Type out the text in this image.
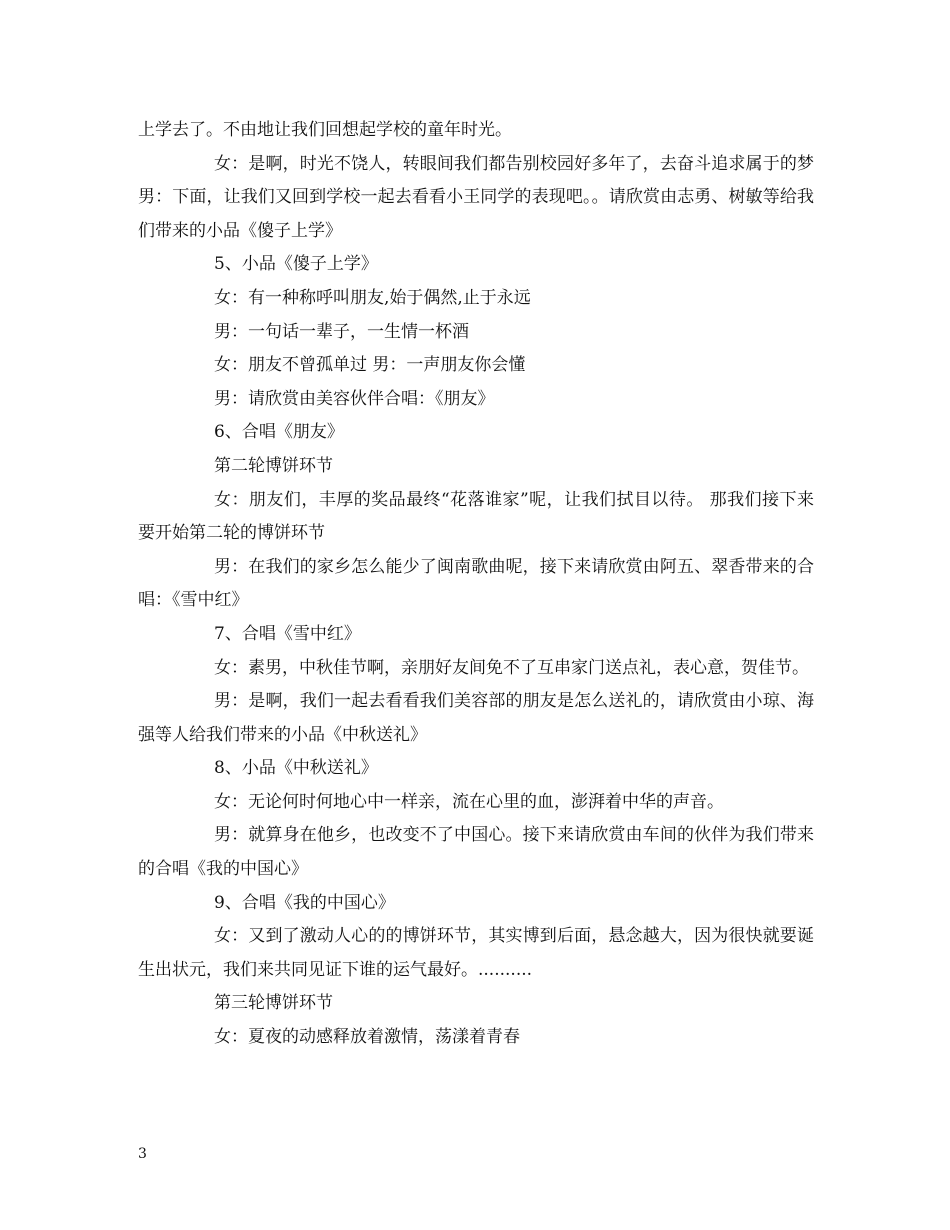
上学去了。不由地让我们回想起学校的童年时光。

女：是啊，时光不饶人，转眼间我们都告别校园好多年了，去奋斗追求属于的梦男：下面，让我们又回到学校一起去看看小王同学的表现吧。。请欣赏由志勇、树敏等给我们带来的小品《傻子上学》

5、小品《傻子上学》

女：有一种称呼叫朋友,始于偶然,止于永远

男：一句话一辈子，一生情一杯酒

女：朋友不曾孤单过 男：一声朋友你会懂

男：请欣赏由美容伙伴合唱：《朋友》

6、合唱《朋友》

第二轮博饼环节

女：朋友们，丰厚的奖品最终“花落谁家”呢，让我们拭目以待。 那我们接下来要开始第二轮的博饼环节

男：在我们的家乡怎么能少了闽南歌曲呢，接下来请欣赏由阿五、翠香带来的合唱：《雪中红》

7、合唱《雪中红》

女：素男，中秋佳节啊，亲朋好友间免不了互串家门送点礼，表心意，贺佳节。

男：是啊，我们一起去看看我们美容部的朋友是怎么送礼的，请欣赏由小琼、海强等人给我们带来的小品《中秋送礼》

8、小品《中秋送礼》

女：无论何时何地心中一样亲，流在心里的血，澎湃着中华的声音。

男：就算身在他乡，也改变不了中国心。接下来请欣赏由车间的伙伴为我们带来的合唱《我的中国心》

9、合唱《我的中国心》

女：又到了激动人心的的博饼环节，其实博到后面，悬念越大，因为很快就要诞生出状元，我们来共同见证下谁的运气最好。..........

第三轮博饼环节

女：夏夜的动感释放着激情，荡漾着青春

3
